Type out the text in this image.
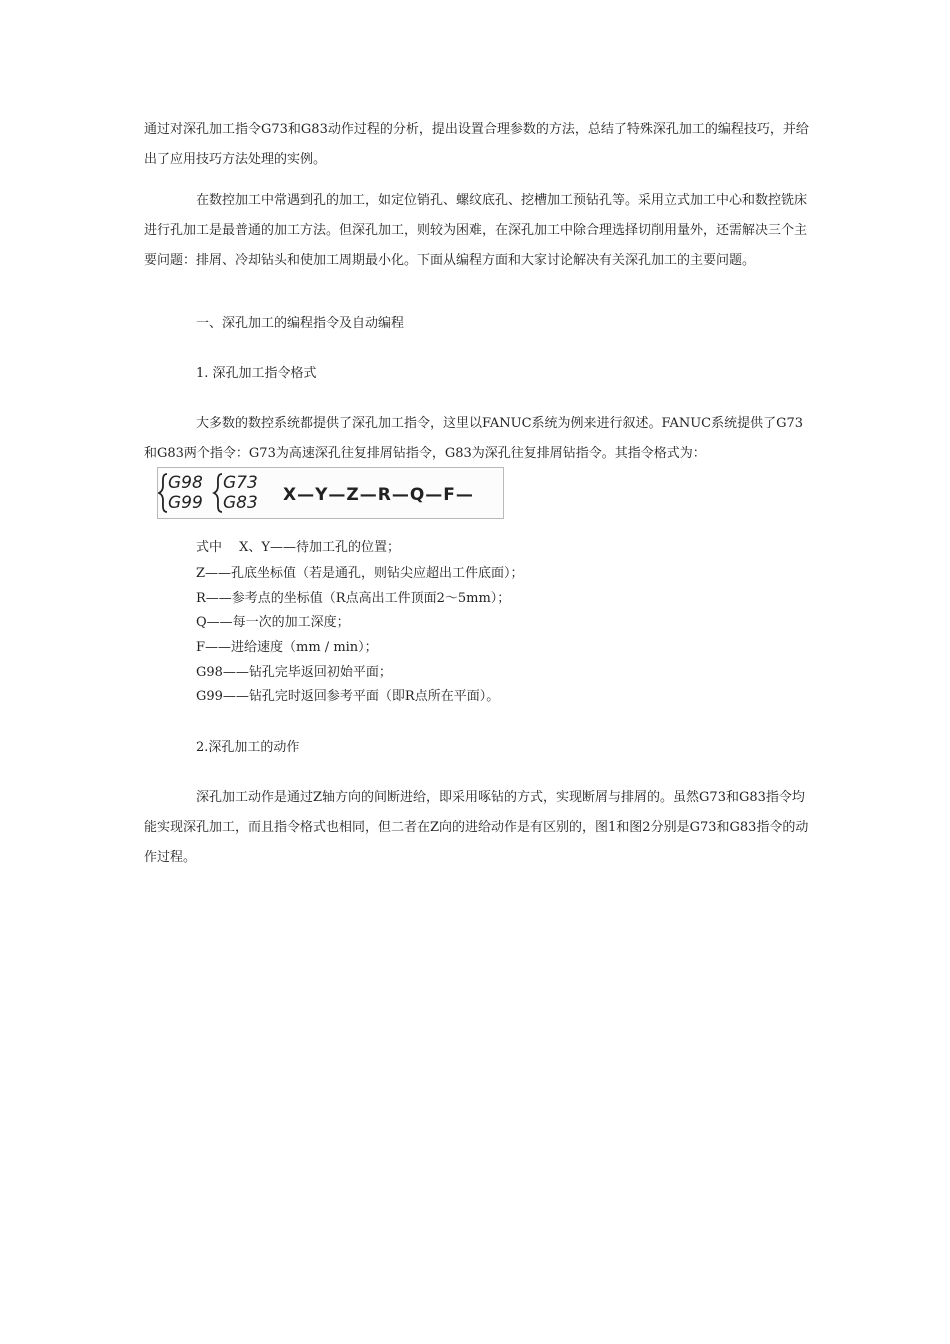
通过对深孔加工指令G73和G83动作过程的分析，提出设置合理参数的方法，总结了特殊深孔加工的编程技巧，并给出了应用技巧方法处理的实例。

在数控加工中常遇到孔的加工，如定位销孔、螺纹底孔、挖槽加工预钻孔等。采用立式加工中心和数控铣床进行孔加工是最普通的加工方法。但深孔加工，则较为困难，在深孔加工中除合理选择切削用量外，还需解决三个主要问题：排屑、冷却钻头和使加工周期最小化。下面从编程方面和大家讨论解决有关深孔加工的主要问题。

一、深孔加工的编程指令及自动编程

1. 深孔加工指令格式

大多数的数控系统都提供了深孔加工指令，这里以FANUC系统为例来进行叙述。FANUC系统提供了G73和G83两个指令：G73为高速深孔往复排屑钻指令，G83为深孔往复排屑钻指令。其指令格式为：

G98
G99
G73
G83 X—Y—Z—R—Q—F—

式中　 X、Y——待加工孔的位置；

Z——孔底坐标值（若是通孔，则钻尖应超出工件底面）；

R——参考点的坐标值（R点高出工件顶面2～5mm）；

Q——每一次的加工深度；

F——进给速度（mm / min）；

G98——钻孔完毕返回初始平面；

G99——钻孔完时返回参考平面（即R点所在平面）。

2.深孔加工的动作

深孔加工动作是通过Z轴方向的间断进给，即采用啄钻的方式，实现断屑与排屑的。虽然G73和G83指令均能实现深孔加工，而且指令格式也相同，但二者在Z向的进给动作是有区别的，图1和图2分别是G73和G83指令的动作过程。
